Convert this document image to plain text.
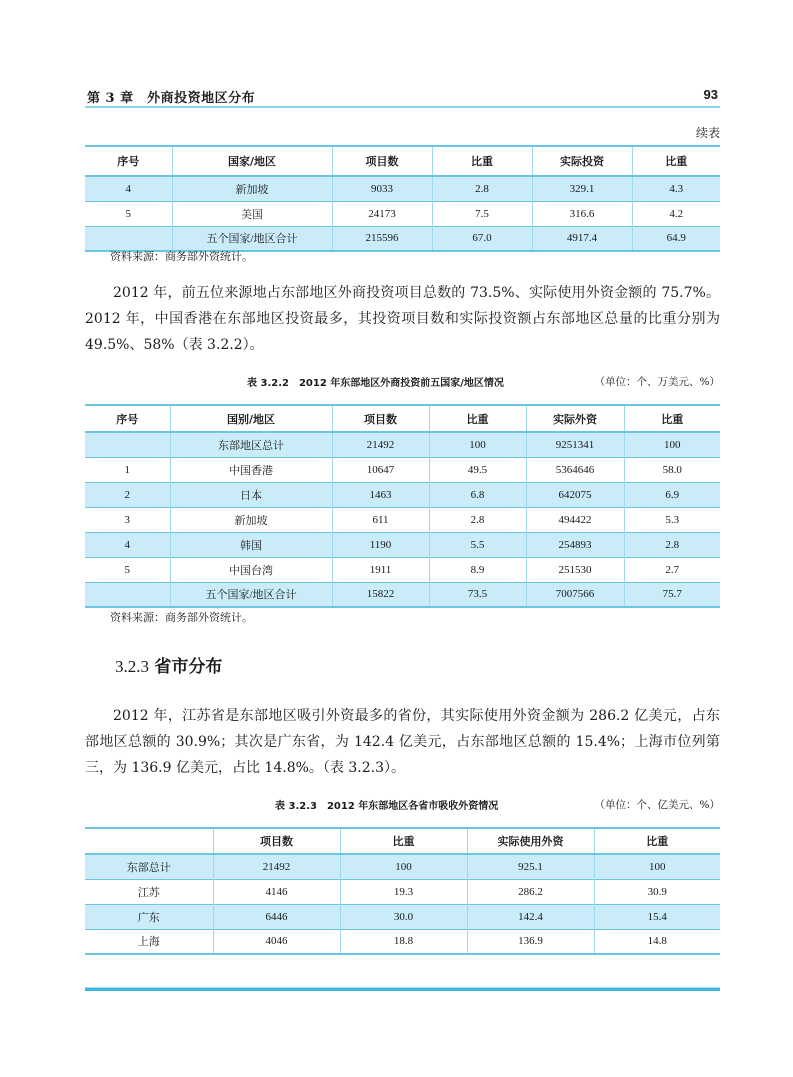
第 3 章　外商投资地区分布	93
续表
序号	国家/地区	项目数	比重	实际投资	比重
4	新加坡	9033	2.8	329.1	4.3
5	美国	24173	7.5	316.6	4.2
	五个国家/地区合计	215596	67.0	4917.4	64.9
资料来源：商务部外资统计。

2012 年，前五位来源地占东部地区外商投资项目总数的 73.5%、实际使用外资金额的 75.7%。2012 年，中国香港在东部地区投资最多，其投资项目数和实际投资额占东部地区总量的比重分别为 49.5%、58%（表 3.2.2）。

表 3.2.2　2012 年东部地区外商投资前五国家/地区情况	（单位：个、万美元、%）
序号	国别/地区	项目数	比重	实际外资	比重
	东部地区总计	21492	100	9251341	100
1	中国香港	10647	49.5	5364646	58.0
2	日本	1463	6.8	642075	6.9
3	新加坡	611	2.8	494422	5.3
4	韩国	1190	5.5	254893	2.8
5	中国台湾	1911	8.9	251530	2.7
	五个国家/地区合计	15822	73.5	7007566	75.7
资料来源：商务部外资统计。
3.2.3 省市分布

2012 年，江苏省是东部地区吸引外资最多的省份，其实际使用外资金额为 286.2 亿美元，占东部地区总额的 30.9%；其次是广东省，为 142.4 亿美元，占东部地区总额的 15.4%；上海市位列第三，为 136.9 亿美元，占比 14.8%。（表 3.2.3）。

表 3.2.3　2012 年东部地区各省市吸收外资情况	（单位：个、亿美元、%）
	项目数	比重	实际使用外资	比重
东部总计	21492	100	925.1	100
江苏	4146	19.3	286.2	30.9
广东	6446	30.0	142.4	15.4
上海	4046	18.8	136.9	14.8
